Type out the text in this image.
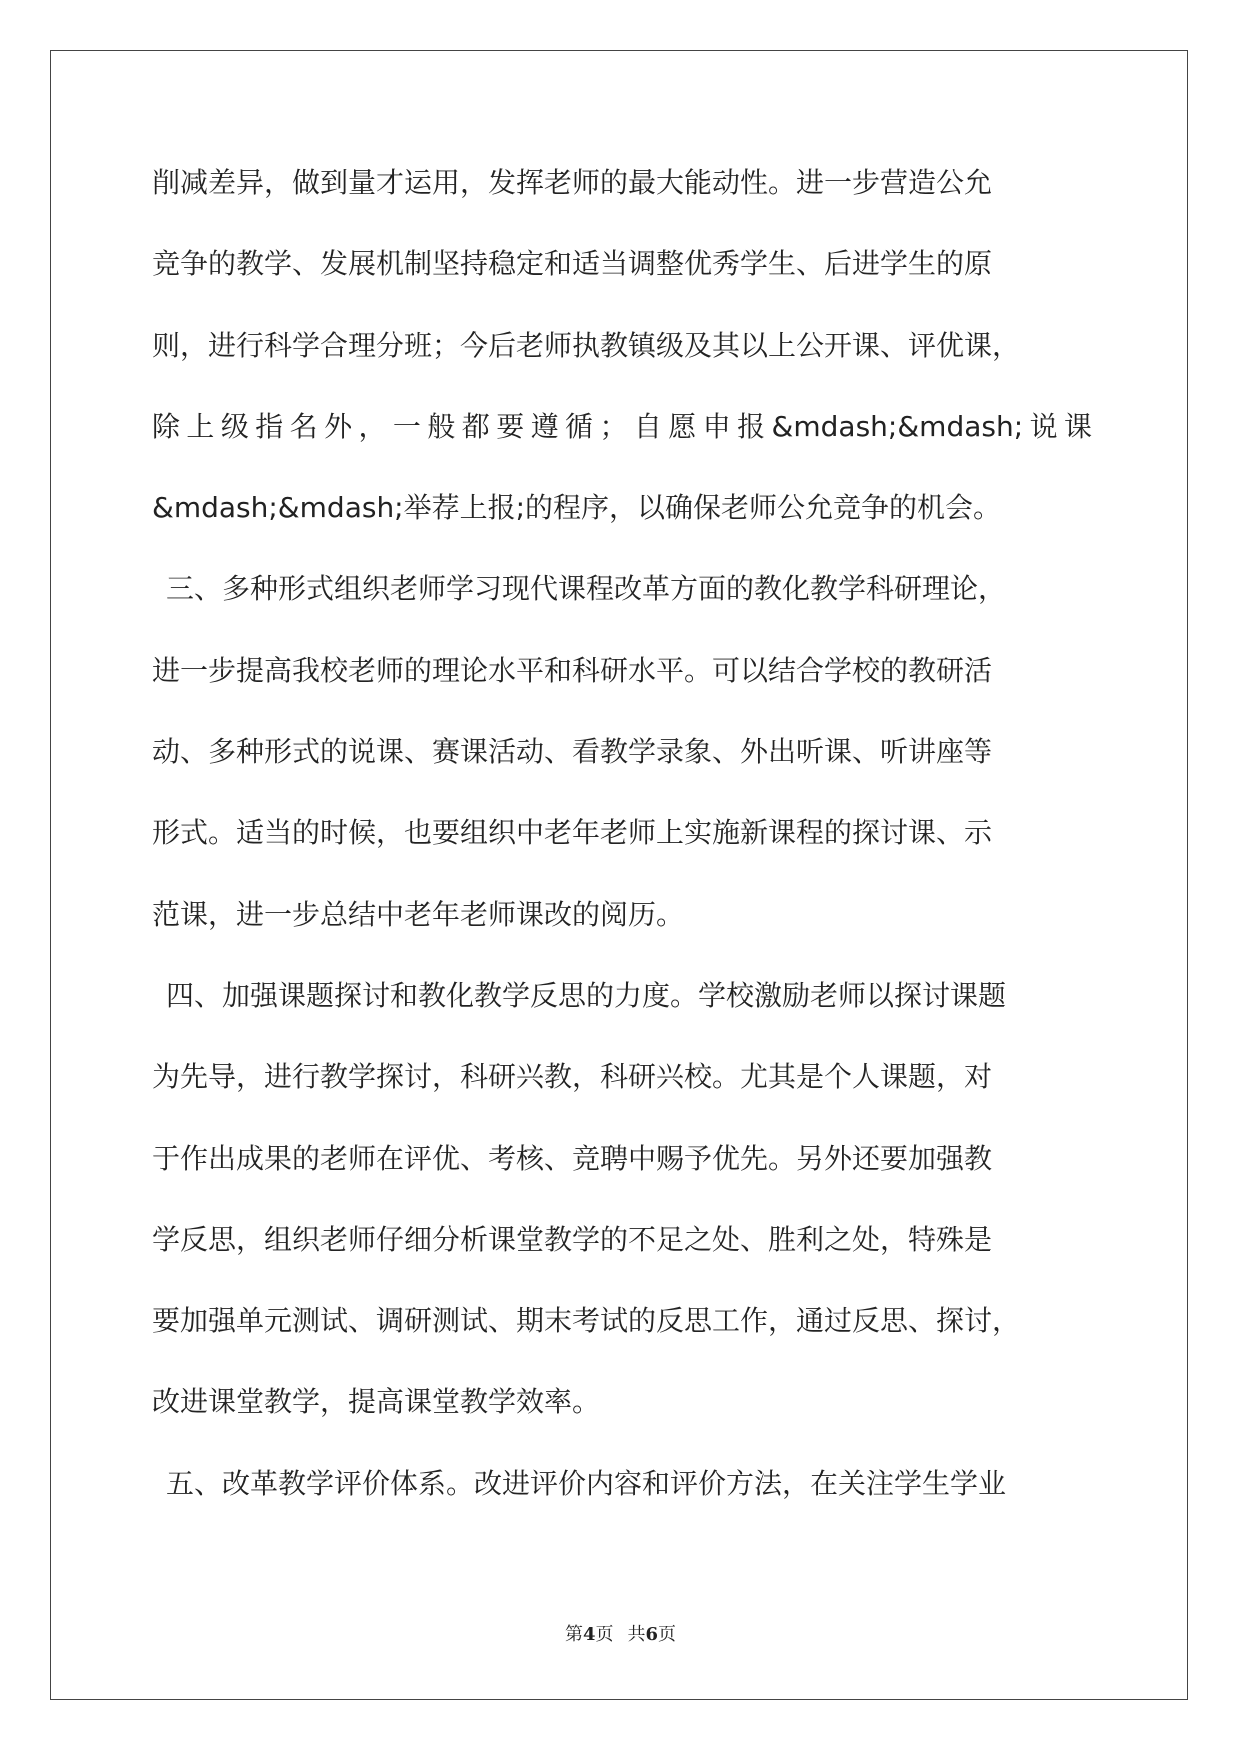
削减差异，做到量才运用，发挥老师的最大能动性。进一步营造公允
竞争的教学、发展机制坚持稳定和适当调整优秀学生、后进学生的原
则，进行科学合理分班；今后老师执教镇级及其以上公开课、评优课，
除上级指名外，一般都要遵循；自愿申报&mdash;&mdash;说课
&mdash;&mdash;举荐上报;的程序，以确保老师公允竞争的机会。
三、多种形式组织老师学习现代课程改革方面的教化教学科研理论，
进一步提高我校老师的理论水平和科研水平。可以结合学校的教研活
动、多种形式的说课、赛课活动、看教学录象、外出听课、听讲座等
形式。适当的时候，也要组织中老年老师上实施新课程的探讨课、示
范课，进一步总结中老年老师课改的阅历。
四、加强课题探讨和教化教学反思的力度。学校激励老师以探讨课题
为先导，进行教学探讨，科研兴教，科研兴校。尤其是个人课题，对
于作出成果的老师在评优、考核、竞聘中赐予优先。另外还要加强教
学反思，组织老师仔细分析课堂教学的不足之处、胜利之处，特殊是
要加强单元测试、调研测试、期末考试的反思工作，通过反思、探讨，
改进课堂教学，提高课堂教学效率。
五、改革教学评价体系。改进评价内容和评价方法，在关注学生学业
第4页 共6页
